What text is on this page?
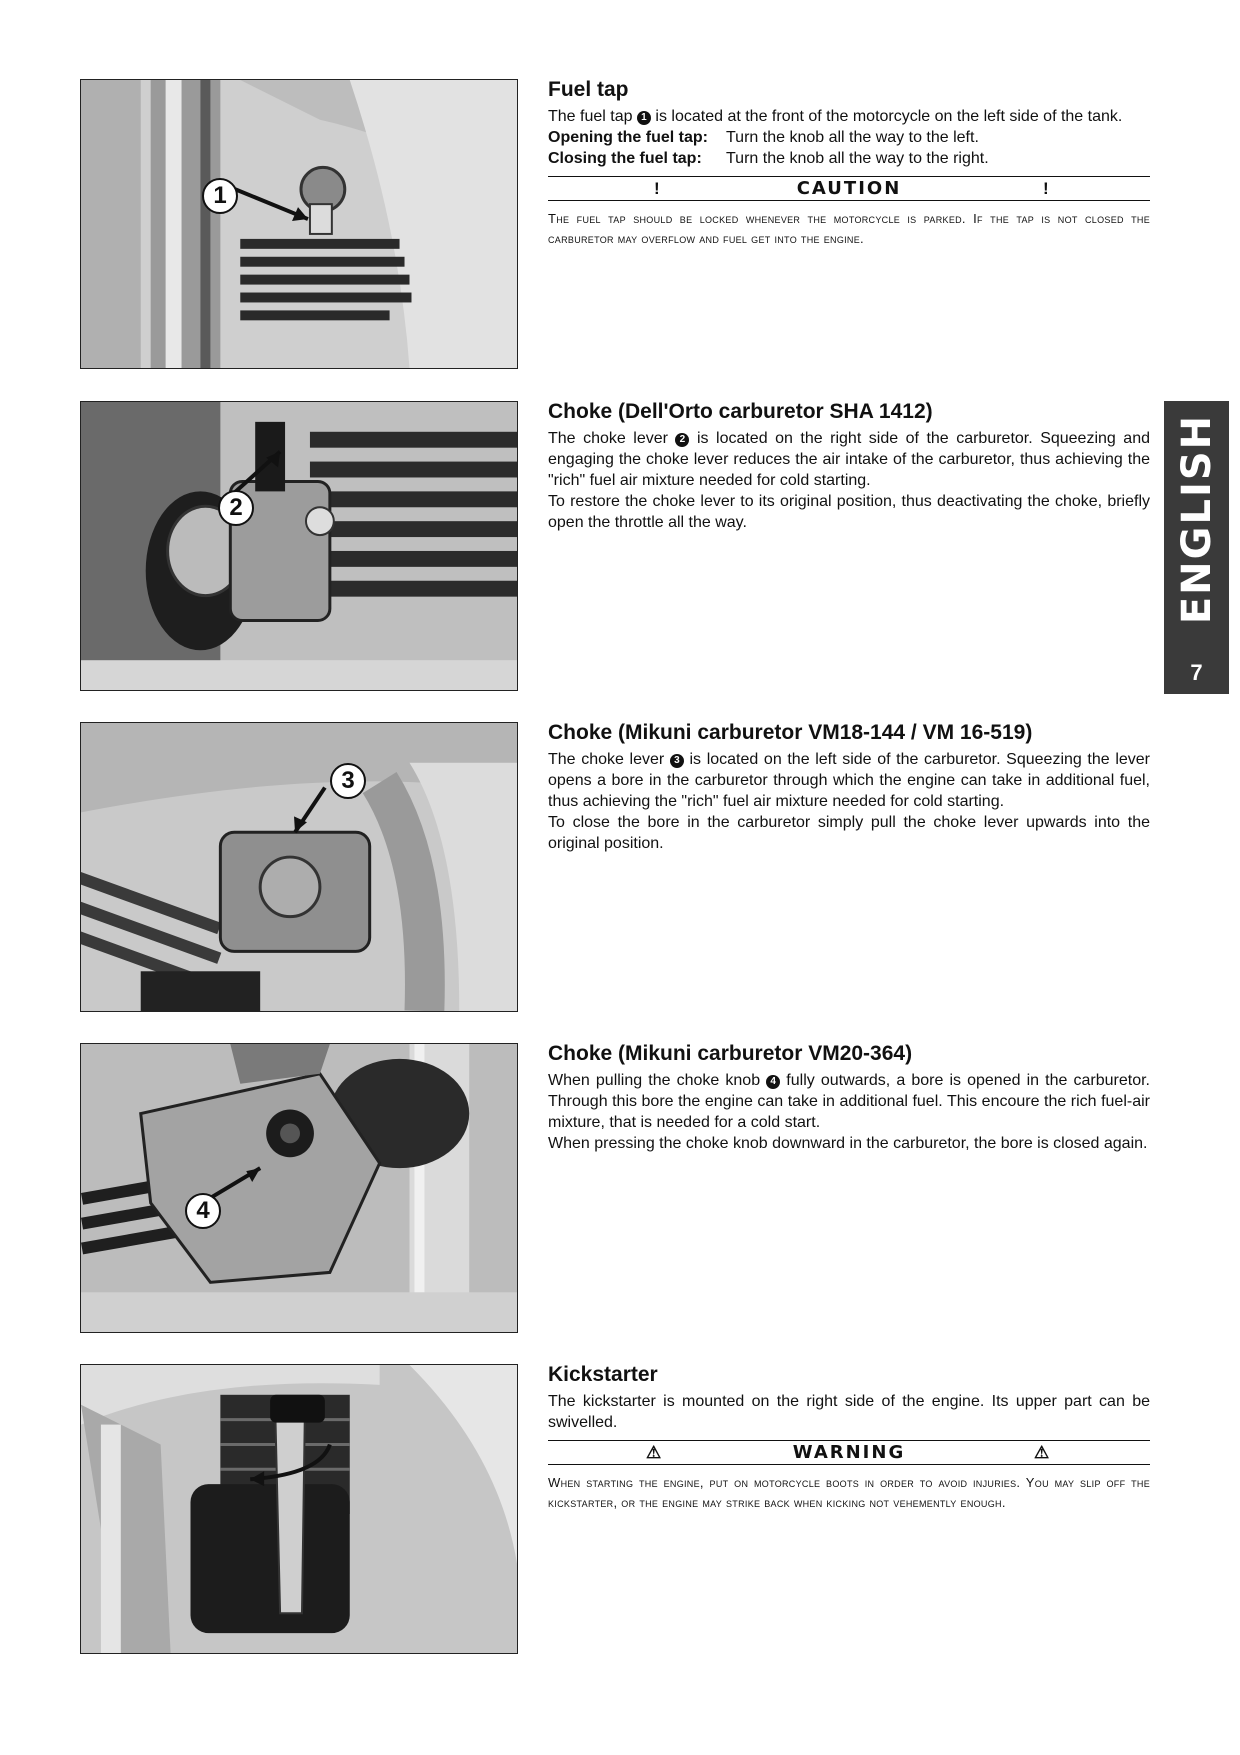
1
2
3
4
Fuel tap

The fuel tap 1 is located at the front of the motorcycle on the left side of the tank.

Opening the fuel tap:	Turn the knob all the way to the left.
Closing the fuel tap:	Turn the knob all the way to the right.
!	CAUTION	!
The fuel tap should be locked whenever the motorcycle is parked. If the tap is not closed the carburetor may overflow and fuel get into the engine.
Choke (Dell'Orto carburetor SHA 1412)

The choke lever 2 is located on the right side of the carburetor. Squeezing and engaging the choke lever reduces the air intake of the carburetor, thus achieving the "rich" fuel air mixture needed for cold starting.

To restore the choke lever to its original position, thus deactivating the choke, briefly open the throttle all the way.

Choke (Mikuni carburetor VM18-144 / VM 16-519)

The choke lever 3 is located on the left side of the carburetor. Squeezing the lever opens a bore in the carburetor through which the engine can take in additional fuel, thus achieving the "rich" fuel air mixture needed for cold starting.

To close the bore in the carburetor simply pull the choke lever upwards into the original position.

Choke (Mikuni carburetor VM20-364)

When pulling the choke knob 4 fully outwards, a bore is opened in the carburetor. Through this bore the engine can take in additional fuel. This encoure the rich fuel-air mixture, that is needed for a cold start.

When pressing the choke knob downward in the carburetor, the bore is closed again.

Kickstarter

The kickstarter is mounted on the right side of the engine. Its upper part can be swivelled.

⚠	WARNING	⚠
When starting the engine, put on motorcycle boots in order to avoid injuries. You may slip off the kickstarter, or the engine may strike back when kicking not vehemently enough.
ENGLISH
7
